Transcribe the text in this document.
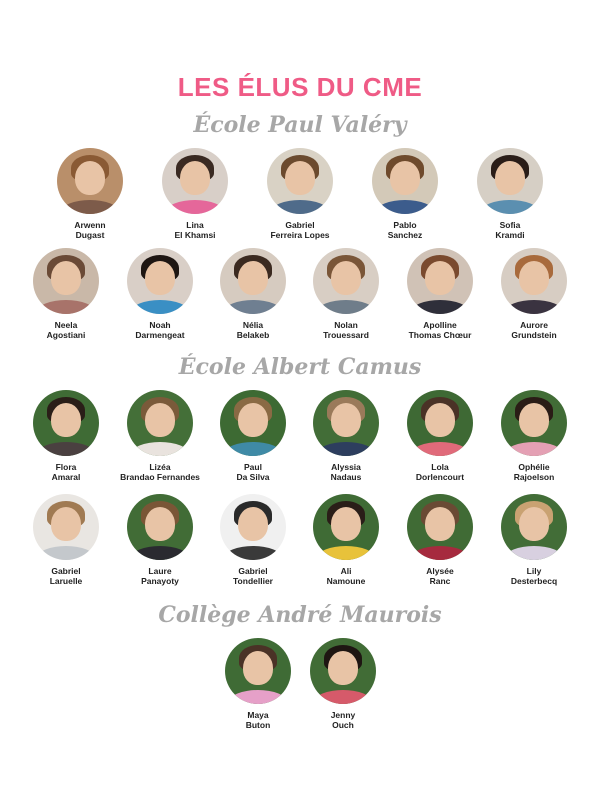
LES ÉLUS DU CME
École Paul Valéry
Arwenn
Dugast
Lina
El Khamsi
Gabriel
Ferreira Lopes
Pablo
Sanchez
Sofia
Kramdi
Neela
Agostiani
Noah
Darmengeat
Nélia
Belakeb
Nolan
Trouessard
Apolline
Thomas Chœur
Aurore
Grundstein
École Albert Camus
Flora
Amaral
Lizéa
Brandao Fernandes
Paul
Da Silva
Alyssia
Nadaus
Lola
Dorlencourt
Ophélie
Rajoelson
Gabriel
Laruelle
Laure
Panayoty
Gabriel
Tondellier
Ali
Namoune
Alysée
Ranc
Lily
Desterbecq
Collège André Maurois
Maya
Buton
Jenny
Ouch
